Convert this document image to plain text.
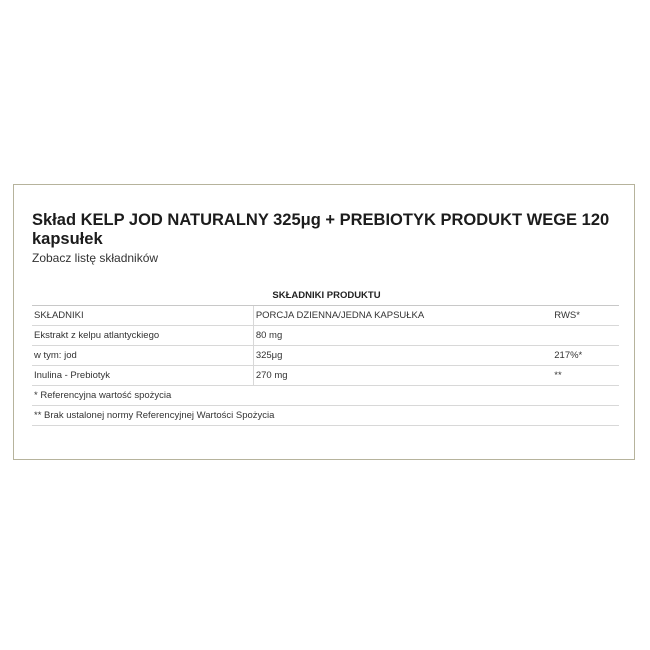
Skład KELP JOD NATURALNY 325μg + PREBIOTYK PRODUKT WEGE 120 kapsułek
Zobacz listę składników
SKŁADNIKI PRODUKTU		
SKŁADNIKI	PORCJA DZIENNA/JEDNA KAPSUŁKA	RWS*
Ekstrakt z kelpu atlantyckiego	80 mg	
w tym: jod	325μg	217%*
Inulina - Prebiotyk	270 mg	**
* Referencyjna wartość spożycia		
** Brak ustalonej normy Referencyjnej Wartości Spożycia		
